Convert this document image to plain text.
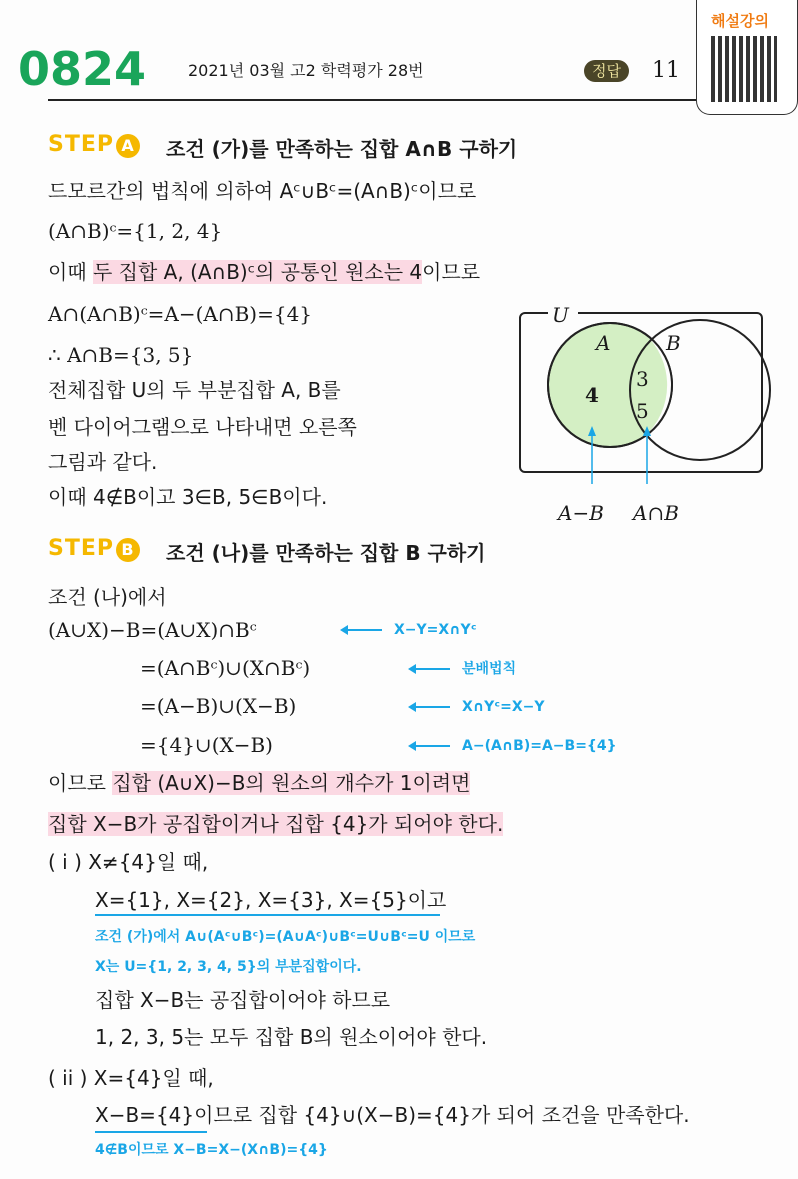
0824	2021년 03월 고2 학력평가 28번	정답	11
해설강의
STEP A 조건 (가)를 만족하는 집합 A∩B 구하기
드모르간의 법칙에 의하여 Aᶜ∪Bᶜ=(A∩B)ᶜ이므로
(A∩B)ᶜ={1, 2, 4}
이때 두 집합 A, (A∩B)ᶜ의 공통인 원소는 4이므로
A∩(A∩B)ᶜ=A−(A∩B)={4}
∴ A∩B={3, 5}
전체집합 U의 두 부분집합 A, B를
벤 다이어그램으로 나타내면 오른쪽
그림과 같다.
이때 4∉B이고 3∈B, 5∈B이다.
U
A	B
4
3
5
A−B A∩B
STEP B 조건 (나)를 만족하는 집합 B 구하기
조건 (나)에서
(A∪X)−B=(A∪X)∩Bᶜ
=(A∩Bᶜ)∪(X∩Bᶜ)
=(A−B)∪(X−B)
={4}∪(X−B)
X−Y=X∩Yᶜ
분배법칙
X∩Yᶜ=X−Y
A−(A∩B)=A−B={4}
이므로 집합 (A∪X)−B의 원소의 개수가 1이려면
집합 X−B가 공집합이거나 집합 {4}가 되어야 한다.
( i ) X≠{4}일 때,
X={1}, X={2}, X={3}, X={5}이고
조건 (가)에서 A∪(Aᶜ∪Bᶜ)=(A∪Aᶜ)∪Bᶜ=U∪Bᶜ=U 이므로
X는 U={1, 2, 3, 4, 5}의 부분집합이다.
집합 X−B는 공집합이어야 하므로
1, 2, 3, 5는 모두 집합 B의 원소이어야 한다.
( ii ) X={4}일 때,
X−B={4}이므로 집합 {4}∪(X−B)={4}가 되어 조건을 만족한다.
4∉B이므로 X−B=X−(X∩B)={4}
